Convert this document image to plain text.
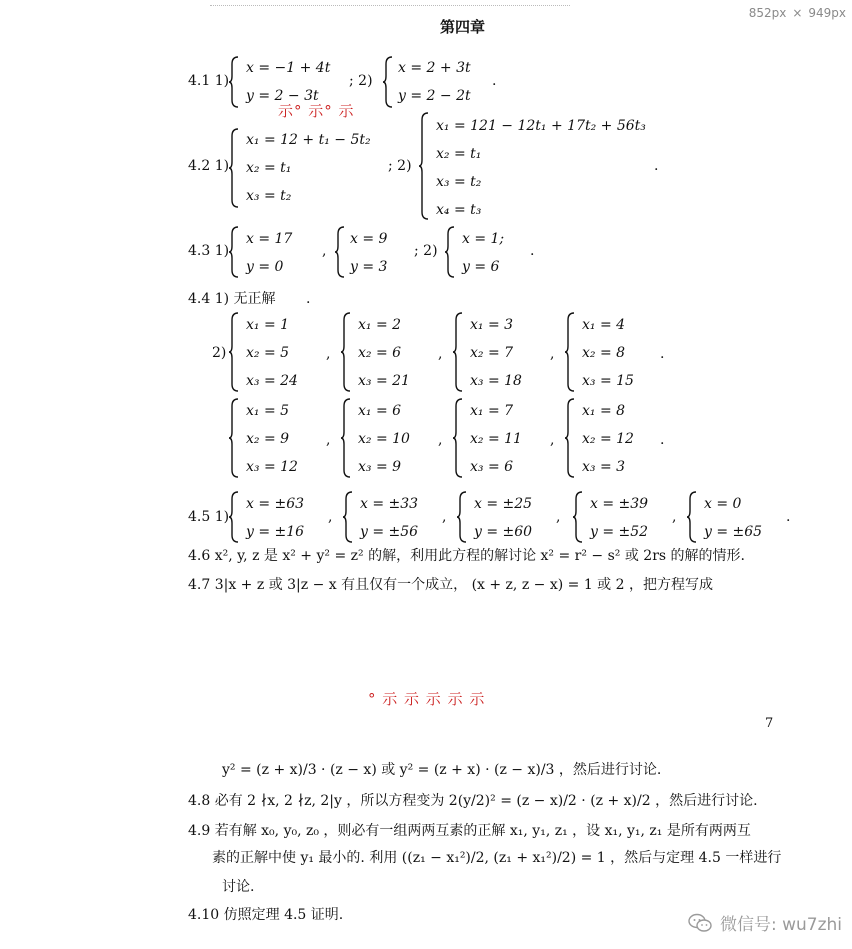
852px × 949px
第四章
4.1 1)
x = −1 + 4t
y = 2 − 3t
; 2)
x = 2 + 3t
y = 2 − 2t
.
示° 示° 示
4.2 1)
x₁ = 12 + t₁ − 5t₂
x₂ = t₁
x₃ = t₂
; 2)
x₁ = 121 − 12t₁ + 17t₂ + 56t₃
x₂ = t₁
x₃ = t₂
x₄ = t₃
.
4.3 1)
x = 17
y = 0
,
x = 9
y = 3
; 2)
x = 1;
y = 6
.
4.4 1) 无正解 .
2)
4.5 1)	.
4.6 x², y, z 是 x² + y² = z² 的解，利用此方程的解讨论 x² = r² − s² 或 2rs 的解的情形.
4.7 3|x + z 或 3|z − x 有且仅有一个成立， (x + z, z − x) = 1 或 2 ，把方程写成
° 示 示 示 示 示
7
y² = (z + x)/3 · (z − x) 或 y² = (z + x) · (z − x)/3 ，然后进行讨论.
4.8 必有 2 ∤x, 2 ∤z, 2|y ，所以方程变为 2(y/2)² = (z − x)/2 · (z + x)/2 ，然后进行讨论.
4.9 若有解 x₀, y₀, z₀ ，则必有一组两两互素的正解 x₁, y₁, z₁ ，设 x₁, y₁, z₁ 是所有两两互
素的正解中使 y₁ 最小的. 利用 ((z₁ − x₁²)/2, (z₁ + x₁²)/2) = 1 ，然后与定理 4.5 一样进行
讨论.
4.10 仿照定理 4.5 证明.	微信号: wu7zhi
x₁ = 1
x₂ = 5
x₃ = 24
,
x₁ = 2
x₂ = 6
x₃ = 21
,
x₁ = 3
x₂ = 7
x₃ = 18
,
x₁ = 4
x₂ = 8
x₃ = 15
.
x₁ = 5
x₂ = 9
x₃ = 12
,
x₁ = 6
x₂ = 10
x₃ = 9
,
x₁ = 7
x₂ = 11
x₃ = 6
,
x₁ = 8
x₂ = 12
x₃ = 3
.
x = ±63
y = ±16
,
x = ±33
y = ±56
,
x = ±25
y = ±60
,
x = ±39
y = ±52
,
x = 0
y = ±65
